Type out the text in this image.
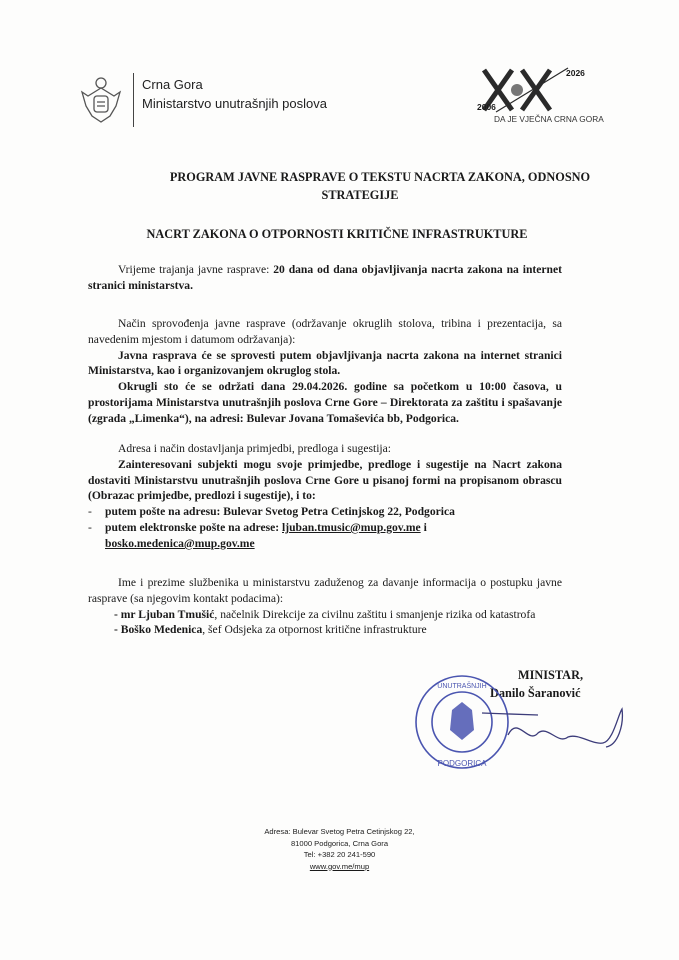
Crna Gora
Ministarstvo unutrašnjih poslova
2026
2006
DA JE VJEČNA CRNA GORA
PROGRAM JAVNE RASPRAVE O TEKSTU NACRTA ZAKONA, ODNOSNO
STRATEGIJE
NACRT ZAKONA O OTPORNOSTI KRITIČNE INFRASTRUKTURE

Vrijeme trajanja javne rasprave: 20 dana od dana objavljivanja nacrta zakona na internet stranici ministarstva.

Način sprovođenja javne rasprave (održavanje okruglih stolova, tribina i prezentacija, sa navedenim mjestom i datumom održavanja):

Javna rasprava će se sprovesti putem objavljivanja nacrta zakona na internet stranici Ministarstva, kao i organizovanjem okruglog stola.

Okrugli sto će se održati dana 29.04.2026. godine sa početkom u 10:00 časova, u prostorijama Ministarstva unutrašnjih poslova Crne Gore – Direktorata za zaštitu i spašavanje (zgrada „Limenka“), na adresi: Bulevar Jovana Tomaševića bb, Podgorica.

Adresa i način dostavljanja primjedbi, predloga i sugestija:

Zainteresovani subjekti mogu svoje primjedbe, predloge i sugestije na Nacrt zakona dostaviti Ministarstvu unutrašnjih poslova Crne Gore u pisanoj formi na propisanom obrascu (Obrazac primjedbe, predlozi i sugestije), i to:

-	putem pošte na adresu: Bulevar Svetog Petra Cetinjskog 22, Podgorica
-	putem elektronske pošte na adrese: ljuban.tmusic@mup.gov.me i
bosko.medenica@mup.gov.me

Ime i prezime službenika u ministarstvu zaduženog za davanje informacija o postupku javne rasprave (sa njegovim kontakt podacima):

- mr Ljuban Tmušić, načelnik Direkcije za civilnu zaštitu i smanjenje rizika od katastrofa

- Boško Medenica, šef Odsjeka za otpornost kritične infrastrukture

MINISTAR,
Danilo Šaranović
PODGORICA
UNUTRAŠNJIH
Adresa: Bulevar Svetog Petra Cetinjskog 22,
81000 Podgorica, Crna Gora
Tel: +382 20 241-590
www.gov.me/mup
